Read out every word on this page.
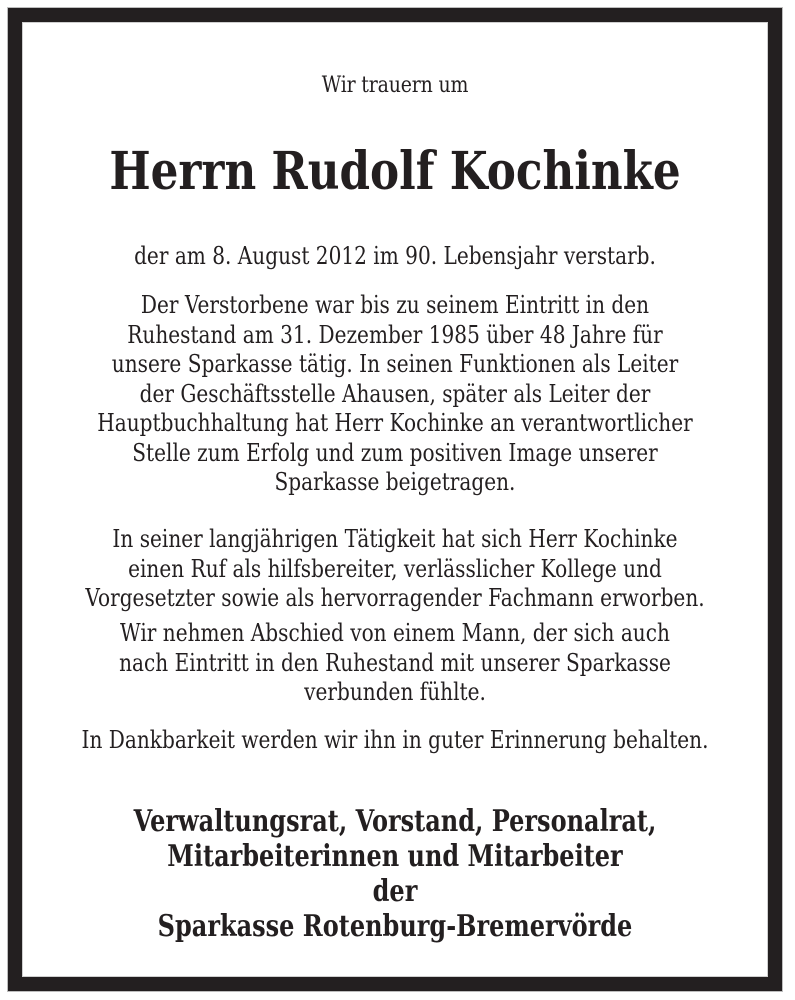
Wir trauern um
Herrn Rudolf Kochinke
der am 8. August 2012 im 90. Lebensjahr verstarb.
Der Verstorbene war bis zu seinem Eintritt in den
Ruhestand am 31. Dezember 1985 über 48 Jahre für
unsere Sparkasse tätig. In seinen Funktionen als Leiter
der Geschäftsstelle Ahausen, später als Leiter der
Hauptbuchhaltung hat Herr Kochinke an verantwortlicher
Stelle zum Erfolg und zum positiven Image unserer
Sparkasse beigetragen.
In seiner langjährigen Tätigkeit hat sich Herr Kochinke
einen Ruf als hilfsbereiter, verlässlicher Kollege und
Vorgesetzter sowie als hervorragender Fachmann erworben.
Wir nehmen Abschied von einem Mann, der sich auch
nach Eintritt in den Ruhestand mit unserer Sparkasse
verbunden fühlte.
In Dankbarkeit werden wir ihn in guter Erinnerung behalten.
Verwaltungsrat, Vorstand, Personalrat,
Mitarbeiterinnen und Mitarbeiter
der
Sparkasse Rotenburg-Bremervörde
